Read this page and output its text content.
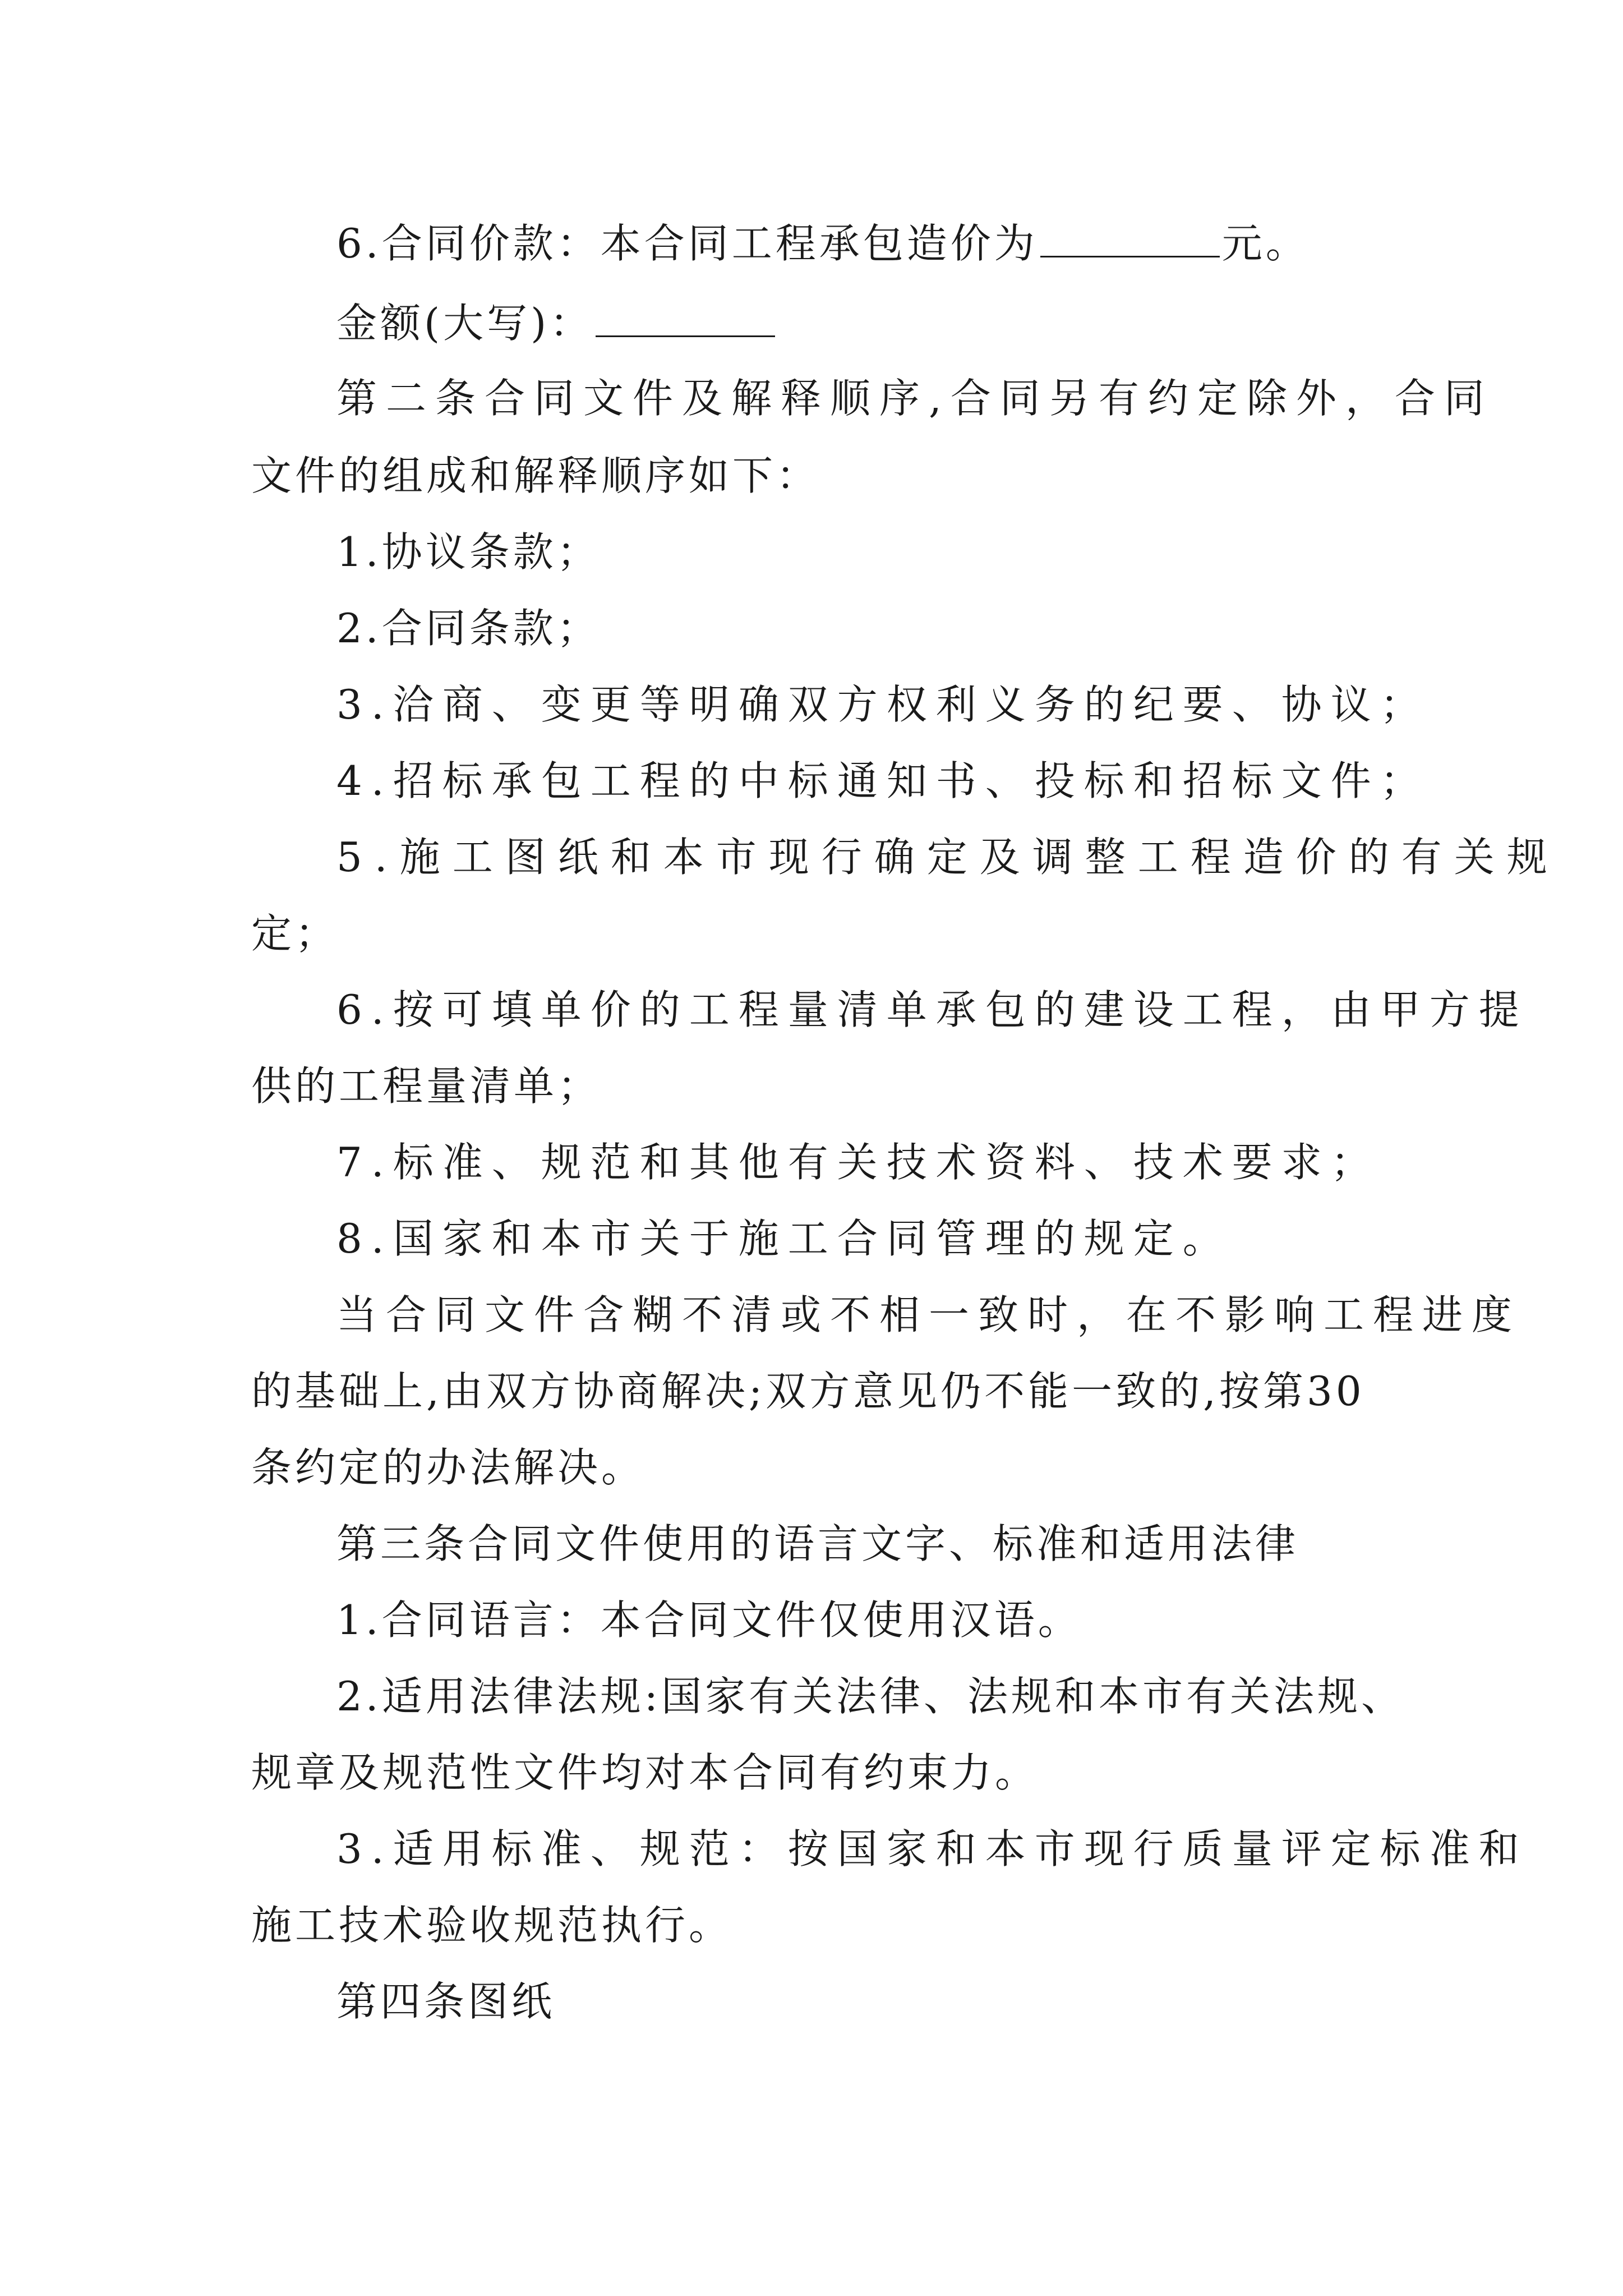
6.合同价款：本合同工程承包造价为	元。
金额(大写)：
第二条合同文件及解释顺序,合同另有约定除外，合同
文件的组成和解释顺序如下：
1.协议条款；
2.合同条款；
3.洽商、变更等明确双方权利义务的纪要、协议；
4.招标承包工程的中标通知书、投标和招标文件；
5.施工图纸和本市现行确定及调整工程造价的有关规
定；
6.按可填单价的工程量清单承包的建设工程，由甲方提
供的工程量清单；
7.标准、规范和其他有关技术资料、技术要求；
8.国家和本市关于施工合同管理的规定。
当合同文件含糊不清或不相一致时，在不影响工程进度
的基础上,由双方协商解决;双方意见仍不能一致的,按第30
条约定的办法解决。
第三条合同文件使用的语言文字、标准和适用法律
1.合同语言：本合同文件仅使用汉语。
2.适用法律法规:国家有关法律、法规和本市有关法规、
规章及规范性文件均对本合同有约束力。
3.适用标准、规范：按国家和本市现行质量评定标准和
施工技术验收规范执行。
第四条图纸
